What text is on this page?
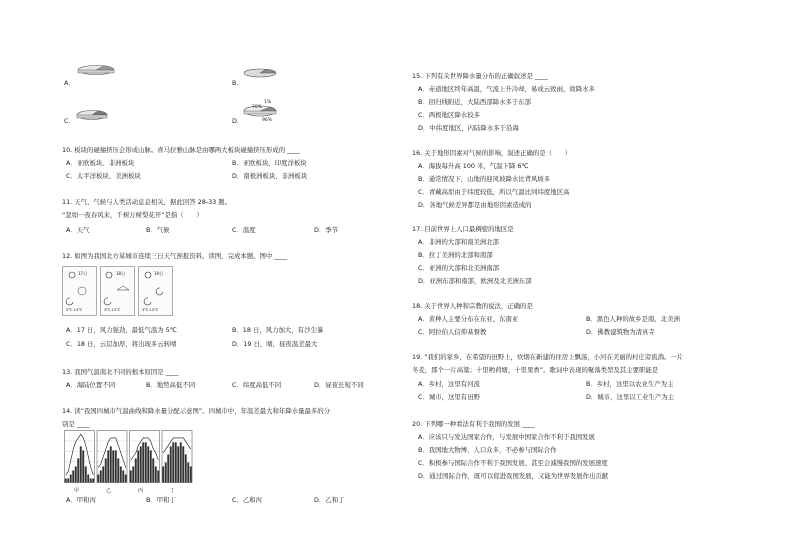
A．	B．
C．
1%
70%
96%
D．
10. 板块的碰撞挤压会形成山脉。喜马拉雅山脉是由哪两大板块碰撞挤压形成的 ____
A．亚欧板块、非洲板块	B．亚欧板块、印度洋板块
C．太平洋板块、美洲板块	D．南极洲板块、非洲板块
11. 天气、气候与人类活动息息相关，据此回答 28-33 题。
“忽如一夜春风来，千树万树梨花开”是指（　　）
A．天气	B．气候	C．温度	D．季节
12. 如图为我国北方某城市连续三日天气预报资料。读图，完成本题。图中 ____
17日
5℃-13℃
18日
3℃-15℃
19日
3℃-15℃
A．17 日，风力强劲，最低气温为 5℃	B．18 日，风力加大，有沙尘暴
C．18 日，云层加厚，将出现多云转晴	D．19 日，晴，昼夜温差最大
13. 我国气温南北不同的根本原因是 ____
A．海陆位置不同	B．地势高低不同	C．纬度高低不同	D．昼夜长短不同
14. 读“我国四城市气温曲线和降水量分配示意图”。四城市中，年温差最大和年降水量最多的分
别是 ____
甲	乙	丙	丁
A．甲和丙	B．甲和丁	C．乙和丙	D．乙和丁
15. 下列有关世界降水量分布的正确叙述是 ____
A．赤道地区终年高温，气流上升冷却，易成云致雨，故降水多
B．回归线附近，大陆西部降水多于东部
C．两极地区降水较多
D．中纬度地区，内陆降水多于沿海
16. 关于地形因素对气候的影响，叙述正确的是（　　）
A．海拔每升高 100 米，气温下降 6℃
B．通常情况下，山地的迎风坡降水比背风坡多
C．青藏高原由于纬度较低，所以气温比同纬度地区高
D．各地气候差异都是由地形因素造成的
17. 目前世界上人口最稠密的地区是
A．非洲的大部和南美洲北部
B．拉丁美洲的北部和南部
C．亚洲的大部和北美洲南部
D．亚洲东部和南部，欧洲及北美洲东部
18. 关于世界人种和宗教的说法，正确的是
A．黄种人主要分布在东亚、东南亚	B．黑色人种的故乡是南、北美洲
C．阿拉伯人信仰基督教	D．佛教建筑物为清真寺
19. “我们的家乡，在希望的田野上，炊烟在新建的住房上飘荡，小河在美丽的村庄旁流淌。一片
冬麦，那个一片高粱；十里哟荷塘，十里果香”。歌词中表现的聚落类型及其主要职能是
A．乡村，这里有河流	B．乡村，这里以农业生产为主
C．城市，这里有田野	D．城市，这里以工业生产为主
20. 下列哪一种看法有利于我国的发展 ____
A．应该只与发达国家合作，与发展中国家合作不利于我国发展
B．我国地大物博、人口众多，不必参与国际合作
C．积极参与国际合作不利于我国发展，甚至会减慢我国的发展速度
D．通过国际合作，既可以促进我国发展，又能为世界发展作出贡献
